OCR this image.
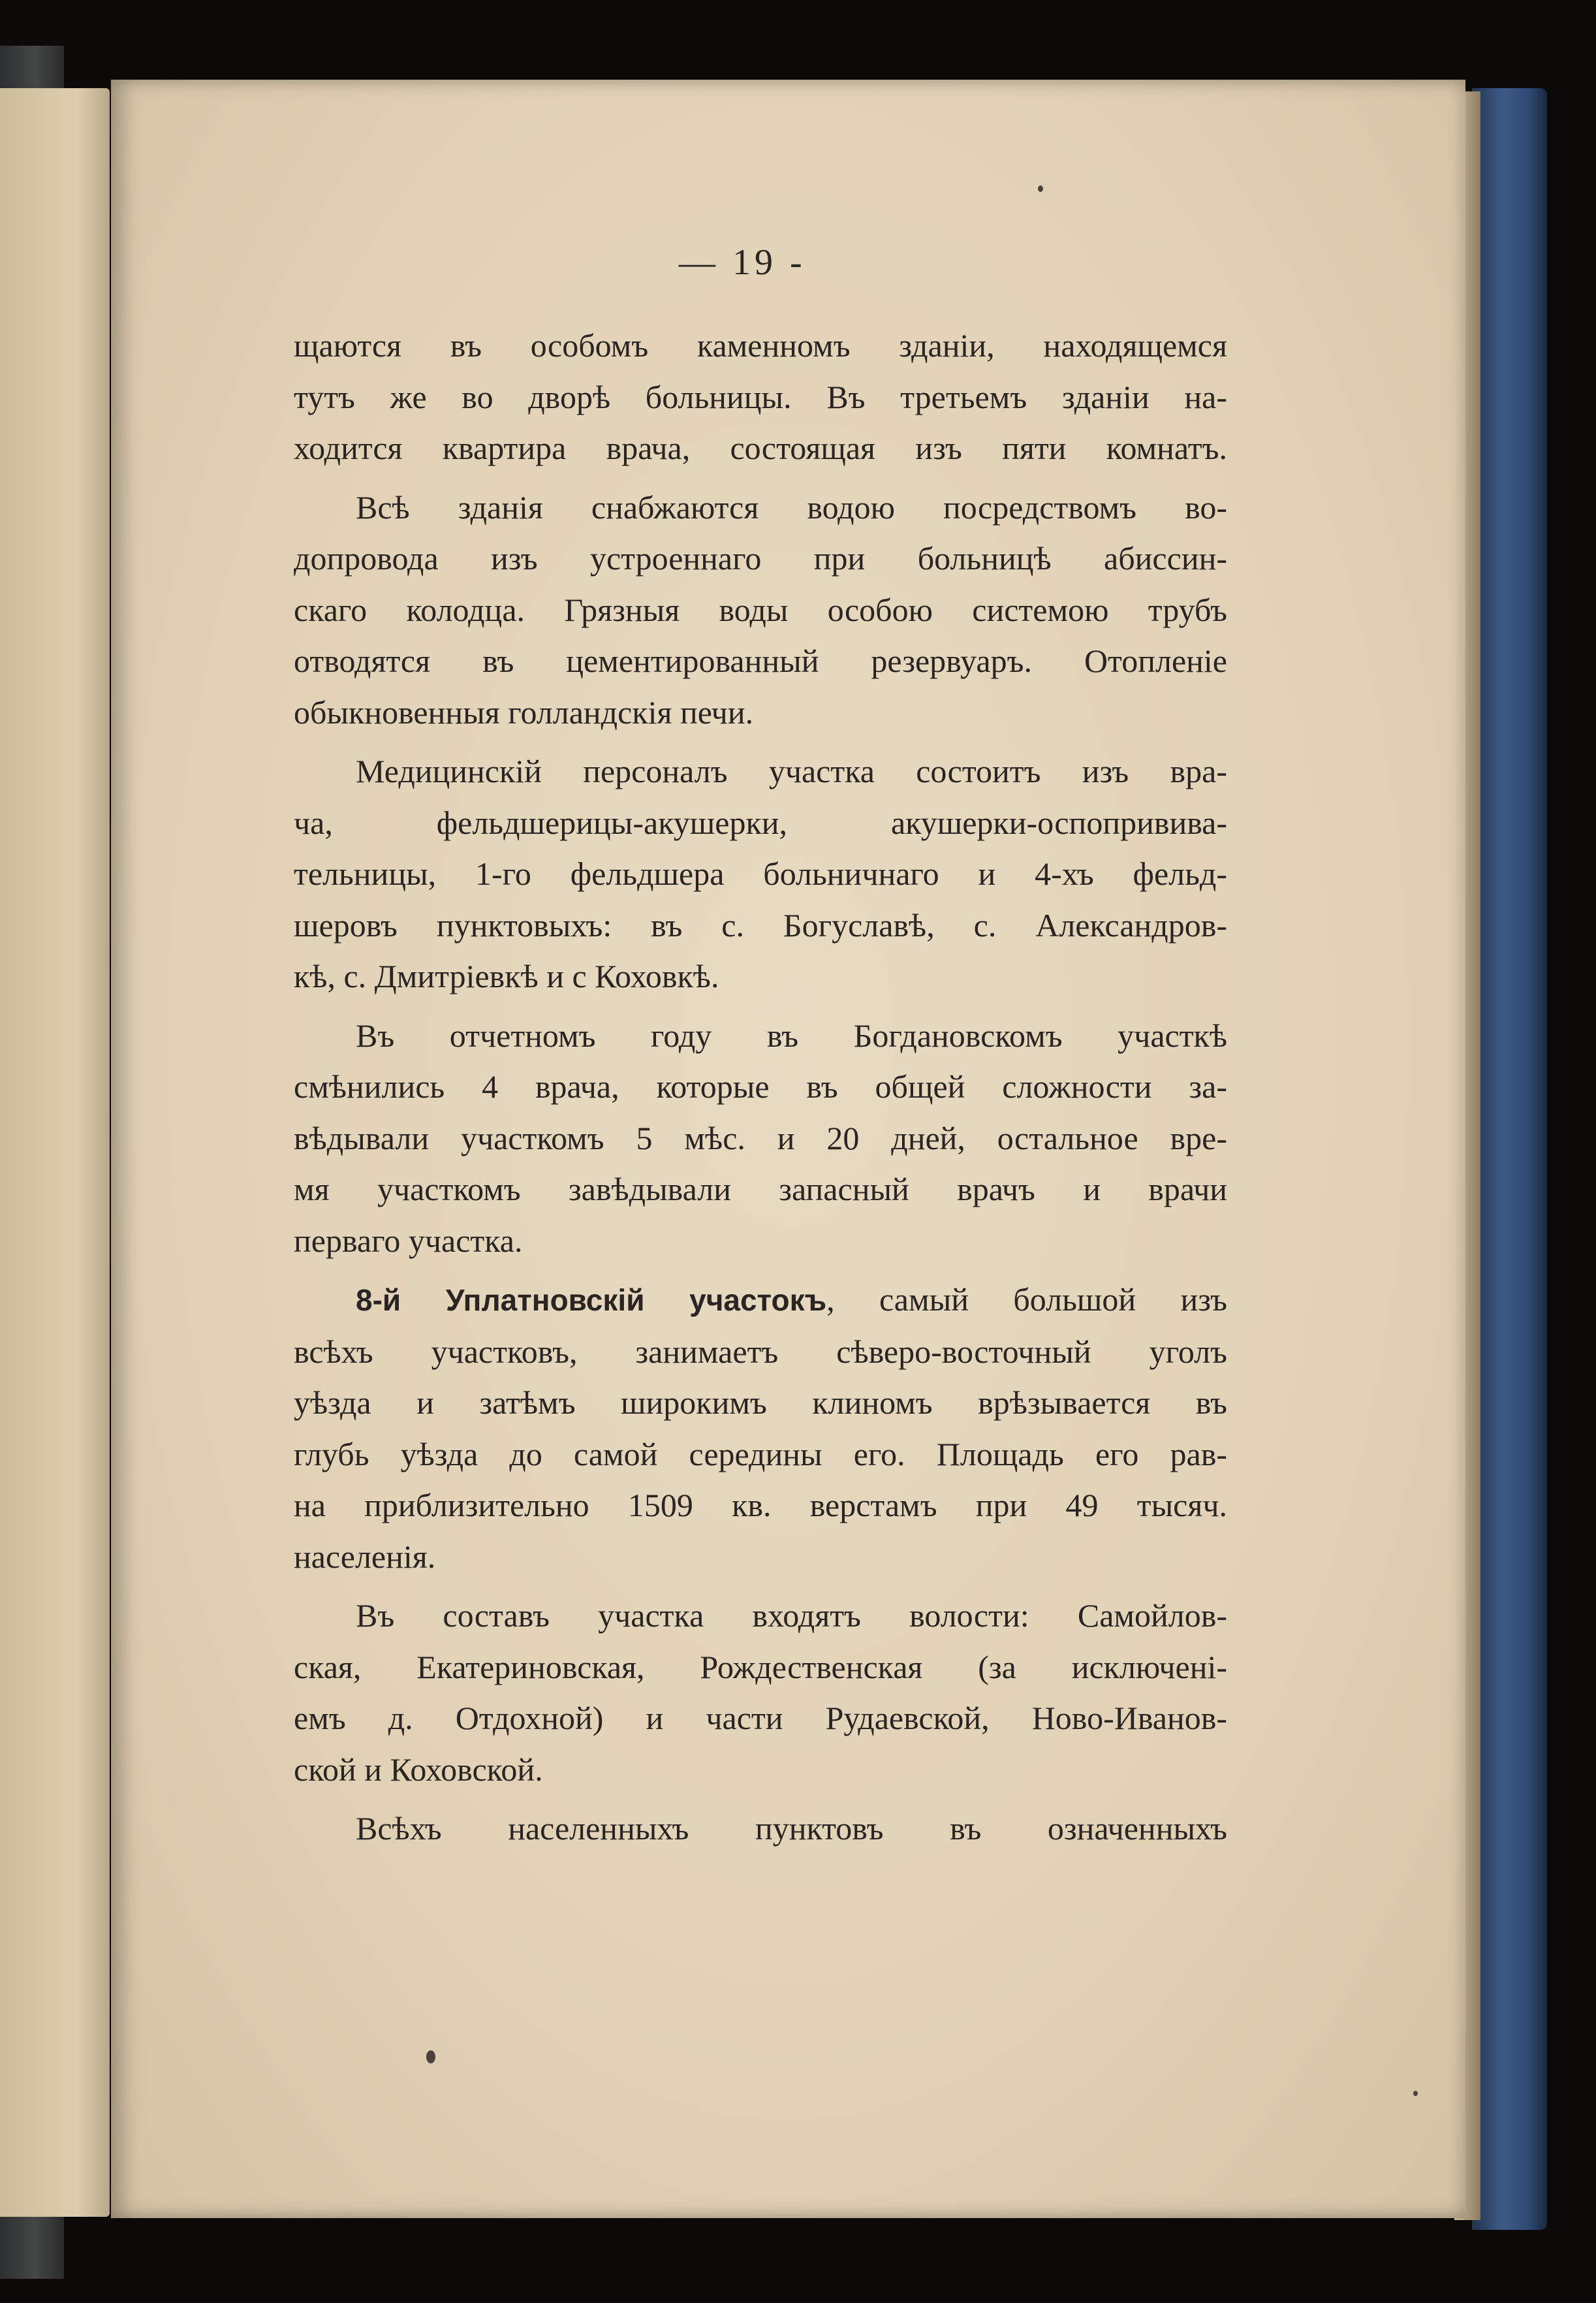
— 19 -

щаются въ особомъ каменномъ зданіи, находящемся
тутъ же во дворѣ больницы. Въ третьемъ зданіи на-
ходится квартира врача, состоящая изъ пяти комнатъ.

Всѣ зданія снабжаются водою посредствомъ во-
допровода изъ устроеннаго при больницѣ абиссин-
скаго колодца. Грязныя воды особою системою трубъ
отводятся въ цементированный резервуаръ. Отопленіе
обыкновенныя голландскія печи.

Медицинскій персоналъ участка состоитъ изъ вра-
ча, фельдшерицы-акушерки, акушерки-оспопривива-
тельницы, 1-го фельдшера больничнаго и 4-хъ фельд-
шеровъ пунктовыхъ: въ с. Богуславѣ, с. Александров-
кѣ, с. Дмитріевкѣ и с Коховкѣ.

Въ отчетномъ году въ Богдановскомъ участкѣ
смѣнились 4 врача, которые въ общей сложности за-
вѣдывали участкомъ 5 мѣс. и 20 дней, остальное вре-
мя участкомъ завѣдывали запасный врачъ и врачи
перваго участка.

8-й Уплатновскій участокъ, самый большой изъ
всѣхъ участковъ, занимаетъ сѣверо-восточный уголъ
уѣзда и затѣмъ широкимъ клиномъ врѣзывается въ
глубь уѣзда до самой середины его. Площадь его рав-
на приблизительно 1509 кв. верстамъ при 49 тысяч.
населенія.

Въ составъ участка входятъ волости: Самойлов-
ская, Екатериновская, Рождественская (за исключені-
емъ д. Отдохной) и части Рудаевской, Ново-Иванов-
ской и Коховской.

Всѣхъ населенныхъ пунктовъ въ означенныхъ
